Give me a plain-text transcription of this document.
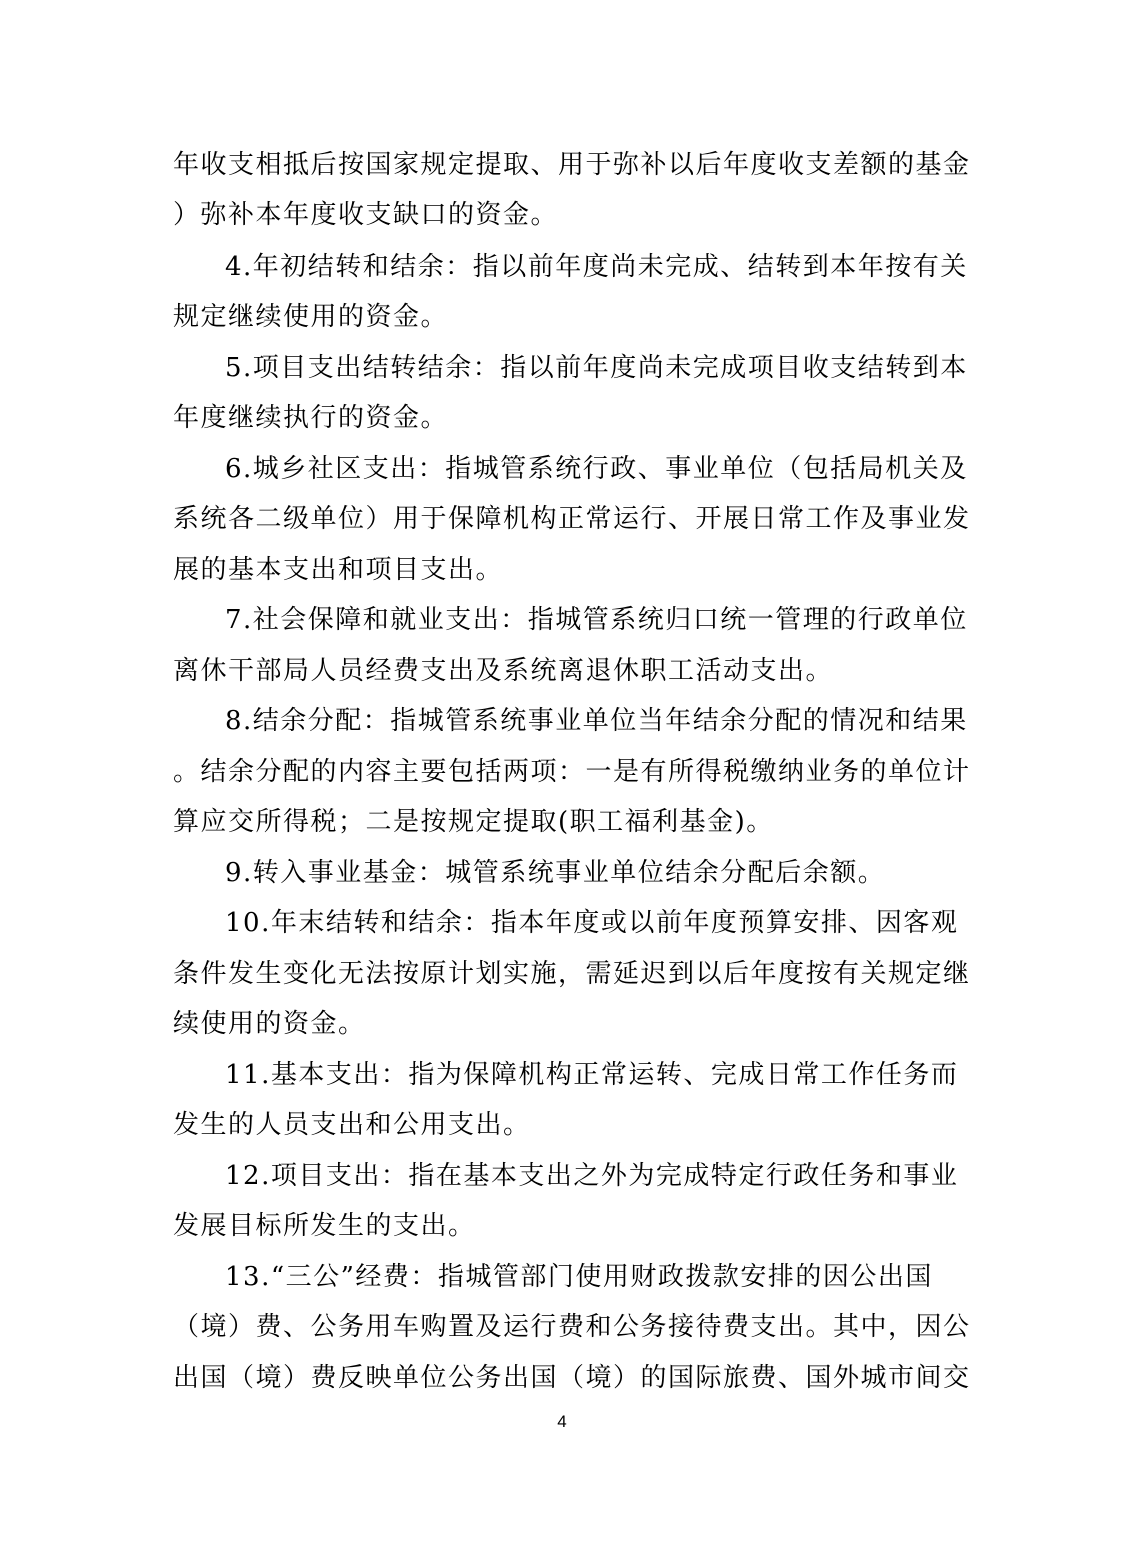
年收支相抵后按国家规定提取、用于弥补以后年度收支差额的基金
）弥补本年度收支缺口的资金。
4.年初结转和结余：指以前年度尚未完成、结转到本年按有关
规定继续使用的资金。
5.项目支出结转结余：指以前年度尚未完成项目收支结转到本
年度继续执行的资金。
6.城乡社区支出：指城管系统行政、事业单位（包括局机关及
系统各二级单位）用于保障机构正常运行、开展日常工作及事业发
展的基本支出和项目支出。
7.社会保障和就业支出：指城管系统归口统一管理的行政单位
离休干部局人员经费支出及系统离退休职工活动支出。
8.结余分配：指城管系统事业单位当年结余分配的情况和结果
。结余分配的内容主要包括两项：一是有所得税缴纳业务的单位计
算应交所得税；二是按规定提取(职工福利基金)。
9.转入事业基金：城管系统事业单位结余分配后余额。
10.年末结转和结余：指本年度或以前年度预算安排、因客观
条件发生变化无法按原计划实施，需延迟到以后年度按有关规定继
续使用的资金。
11.基本支出：指为保障机构正常运转、完成日常工作任务而
发生的人员支出和公用支出。
12.项目支出：指在基本支出之外为完成特定行政任务和事业
发展目标所发生的支出。
13.“三公”经费：指城管部门使用财政拨款安排的因公出国
（境）费、公务用车购置及运行费和公务接待费支出。其中，因公
出国（境）费反映单位公务出国（境）的国际旅费、国外城市间交
4
